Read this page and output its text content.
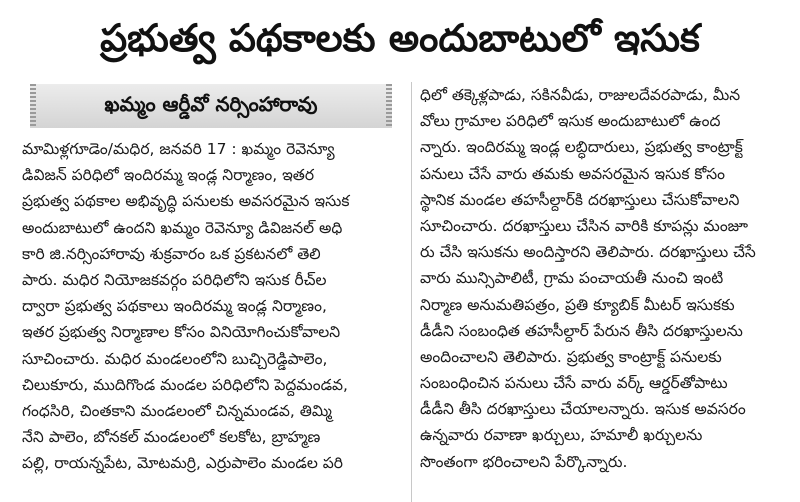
ప్రభుత్వ పథకాలకు అందుబాటులో ఇసుక
ఖమ్మం ఆర్డీవో నర్సింహారావు
మామిళ్లగూడెం/మధిర, జనవరి 17 : ఖమ్మం రెవెన్యూ
డివిజన్ పరిధిలో ఇందిరమ్మ ఇండ్ల నిర్మాణం, ఇతర
ప్రభుత్వ పథకాల అభివృద్ధి పనులకు అవసరమైన ఇసుక
అందుబాటులో ఉందని ఖమ్మం రెవెన్యూ డివిజనల్ అధి
కారి జి.నర్సింహారావు శుక్రవారం ఒక ప్రకటనలో తెలి
పారు. మధిర నియోజకవర్గం పరిధిలోని ఇసుక రీచ్‌ల
ద్వారా ప్రభుత్వ పథకాలు ఇందిరమ్మ ఇండ్ల నిర్మాణం,
ఇతర ప్రభుత్వ నిర్మాణాల కోసం వినియోగించుకోవాలని
సూచించారు. మధిర మండలంలోని బుచ్చిరెడ్డిపాలెం,
చిలుకూరు, ముదిగొండ మండల పరిధిలోని పెద్దమండవ,
గంధసిరి, చింతకాని మండలంలో చిన్నమండవ, తిమ్మి
నేని పాలెం, బోనకల్ మండలంలో కలకోట, బ్రాహ్మణ
పల్లి, రాయన్నపేట, మోటమర్రి, ఎర్రుపాలెం మండల పరి
ధిలో తక్కెళ్లపాడు, సకినవీడు, రాజులదేవరపాడు, మీన
వోలు గ్రామాల పరిధిలో ఇసుక అందుబాటులో ఉంద
న్నారు. ఇందిరమ్మ ఇండ్ల లబ్ధిదారులు, ప్రభుత్వ కాంట్రాక్ట్
పనులు చేసే వారు తమకు అవసరమైన ఇసుక కోసం
స్థానిక మండల తహసీల్దార్‌కి దరఖాస్తులు చేసుకోవాలని
సూచించారు. దరఖాస్తులు చేసిన వారికి కూపన్లు మంజూ
రు చేసి ఇసుకను అందిస్తారని తెలిపారు. దరఖాస్తులు చేసే
వారు మున్సిపాలిటీ, గ్రామ పంచాయతీ నుంచి ఇంటి
నిర్మాణ అనుమతిపత్రం, ప్రతి క్యూబిక్ మీటర్ ఇసుకకు
డీడీని సంబంధిత తహసీల్దార్ పేరున తీసి దరఖాస్తులను
అందించాలని తెలిపారు. ప్రభుత్వ కాంట్రాక్ట్ పనులకు
సంబంధించిన పనులు చేసే వారు వర్క్ ఆర్డర్‌తోపాటు
డీడీని తీసి దరఖాస్తులు చేయాలన్నారు. ఇసుక అవసరం
ఉన్నవారు రవాణా ఖర్చులు, హమాలీ ఖర్చులను
సొంతంగా భరించాలని పేర్కొన్నారు.
